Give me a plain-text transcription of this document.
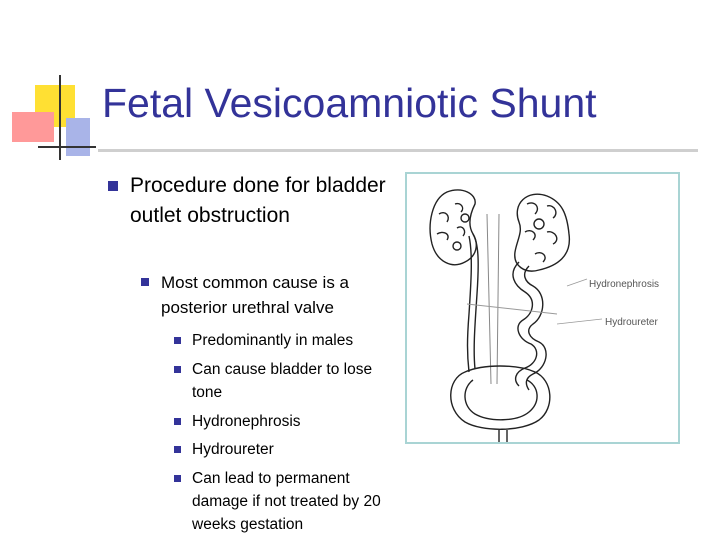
Fetal Vesicoamniotic Shunt
Procedure done for bladder outlet obstruction
Most common cause is a posterior urethral valve
Predominantly in males
Can cause bladder to lose tone
Hydronephrosis
Hydroureter
Can lead to permanent damage if not treated by 20 weeks gestation
Hydronephrosis
Hydroureter
